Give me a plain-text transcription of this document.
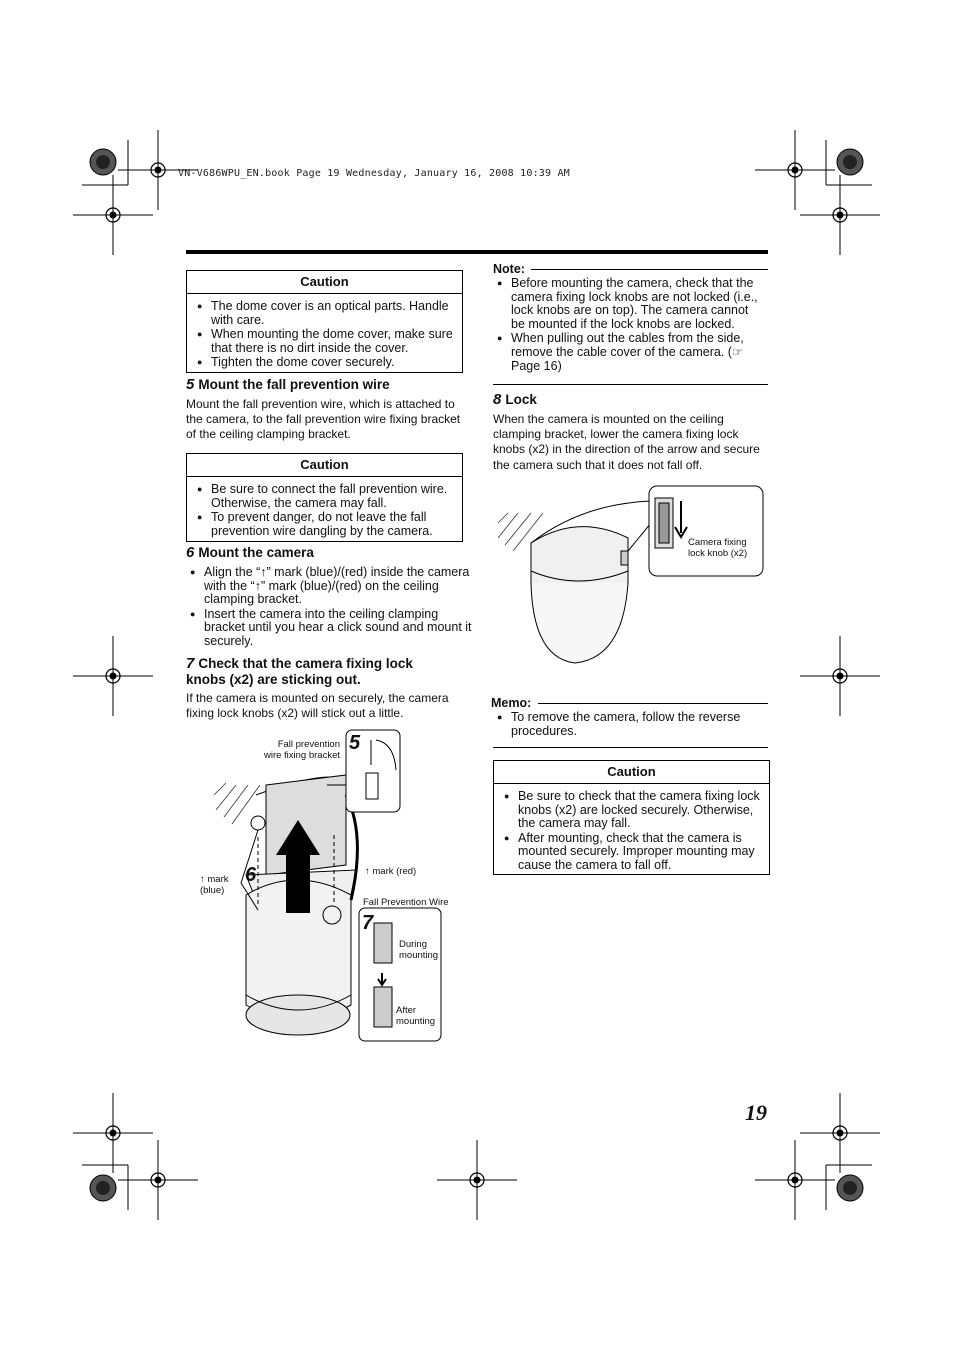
VN-V686WPU_EN.book Page 19 Wednesday, January 16, 2008 10:39 AM
Caution
● The dome cover is an optical parts. Handle with care.
● When mounting the dome cover, make sure that there is no dirt inside the cover.
● Tighten the dome cover securely.
5 Mount the fall prevention wire
Mount the fall prevention wire, which is attached to the camera, to the fall prevention wire fixing bracket of the ceiling clamping bracket.
Caution
● Be sure to connect the fall prevention wire. Otherwise, the camera may fall.
● To prevent danger, do not leave the fall prevention wire dangling by the camera.
6 Mount the camera
● Align the “↑” mark (blue)/(red) inside the camera with the “↑” mark (blue)/(red) on the ceiling clamping bracket.
● Insert the camera into the ceiling clamping bracket until you hear a click sound and mount it securely.
7 Check that the camera fixing lock knobs (x2) are sticking out.
If the camera is mounted on securely, the camera fixing lock knobs (x2) will stick out a little.
Fall prevention wire fixing bracket
↑ mark (blue)
↑ mark (red)
Fall Prevention Wire
During mounting
After mounting
5
6
7
Note:
● Before mounting the camera, check that the camera fixing lock knobs are not locked (i.e., lock knobs are on top). The camera cannot be mounted if the lock knobs are locked.
● When pulling out the cables from the side, remove the cable cover of the camera. (☞ Page 16)
8 Lock
When the camera is mounted on the ceiling clamping bracket, lower the camera fixing lock knobs (x2) in the direction of the arrow and secure the camera such that it does not fall off.
Camera fixing lock knob (x2)
Memo:
● To remove the camera, follow the reverse procedures.
Caution
● Be sure to check that the camera fixing lock knobs (x2) are locked securely. Otherwise, the camera may fall.
● After mounting, check that the camera is mounted securely. Improper mounting may cause the camera to fall off.
19
